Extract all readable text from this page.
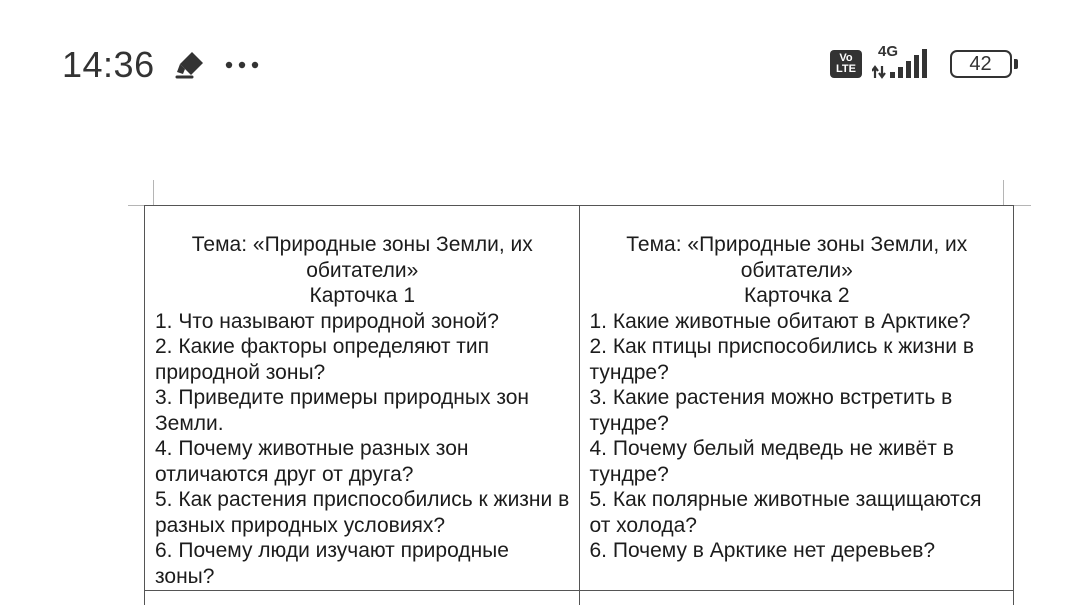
14:36	Vo
LTE
4G
42
Тема: «Природные зоны Земли, их обитатели»
Карточка 1
1. Что называют природной зоной?
2. Какие факторы определяют тип природной зоны?
3. Приведите примеры природных зон Земли.
4. Почему животные разных зон отличаются друг от друга?
5. Как растения приспособились к жизни в разных природных условиях?
6. Почему люди изучают природные зоны?
Тема: «Природные зоны Земли, их обитатели»
Карточка 2
1. Какие животные обитают в Арктике?
2. Как птицы приспособились к жизни в тундре?
3. Какие растения можно встретить в тундре?
4. Почему белый медведь не живёт в тундре?
5. Как полярные животные защищаются от холода?
6. Почему в Арктике нет деревьев?
